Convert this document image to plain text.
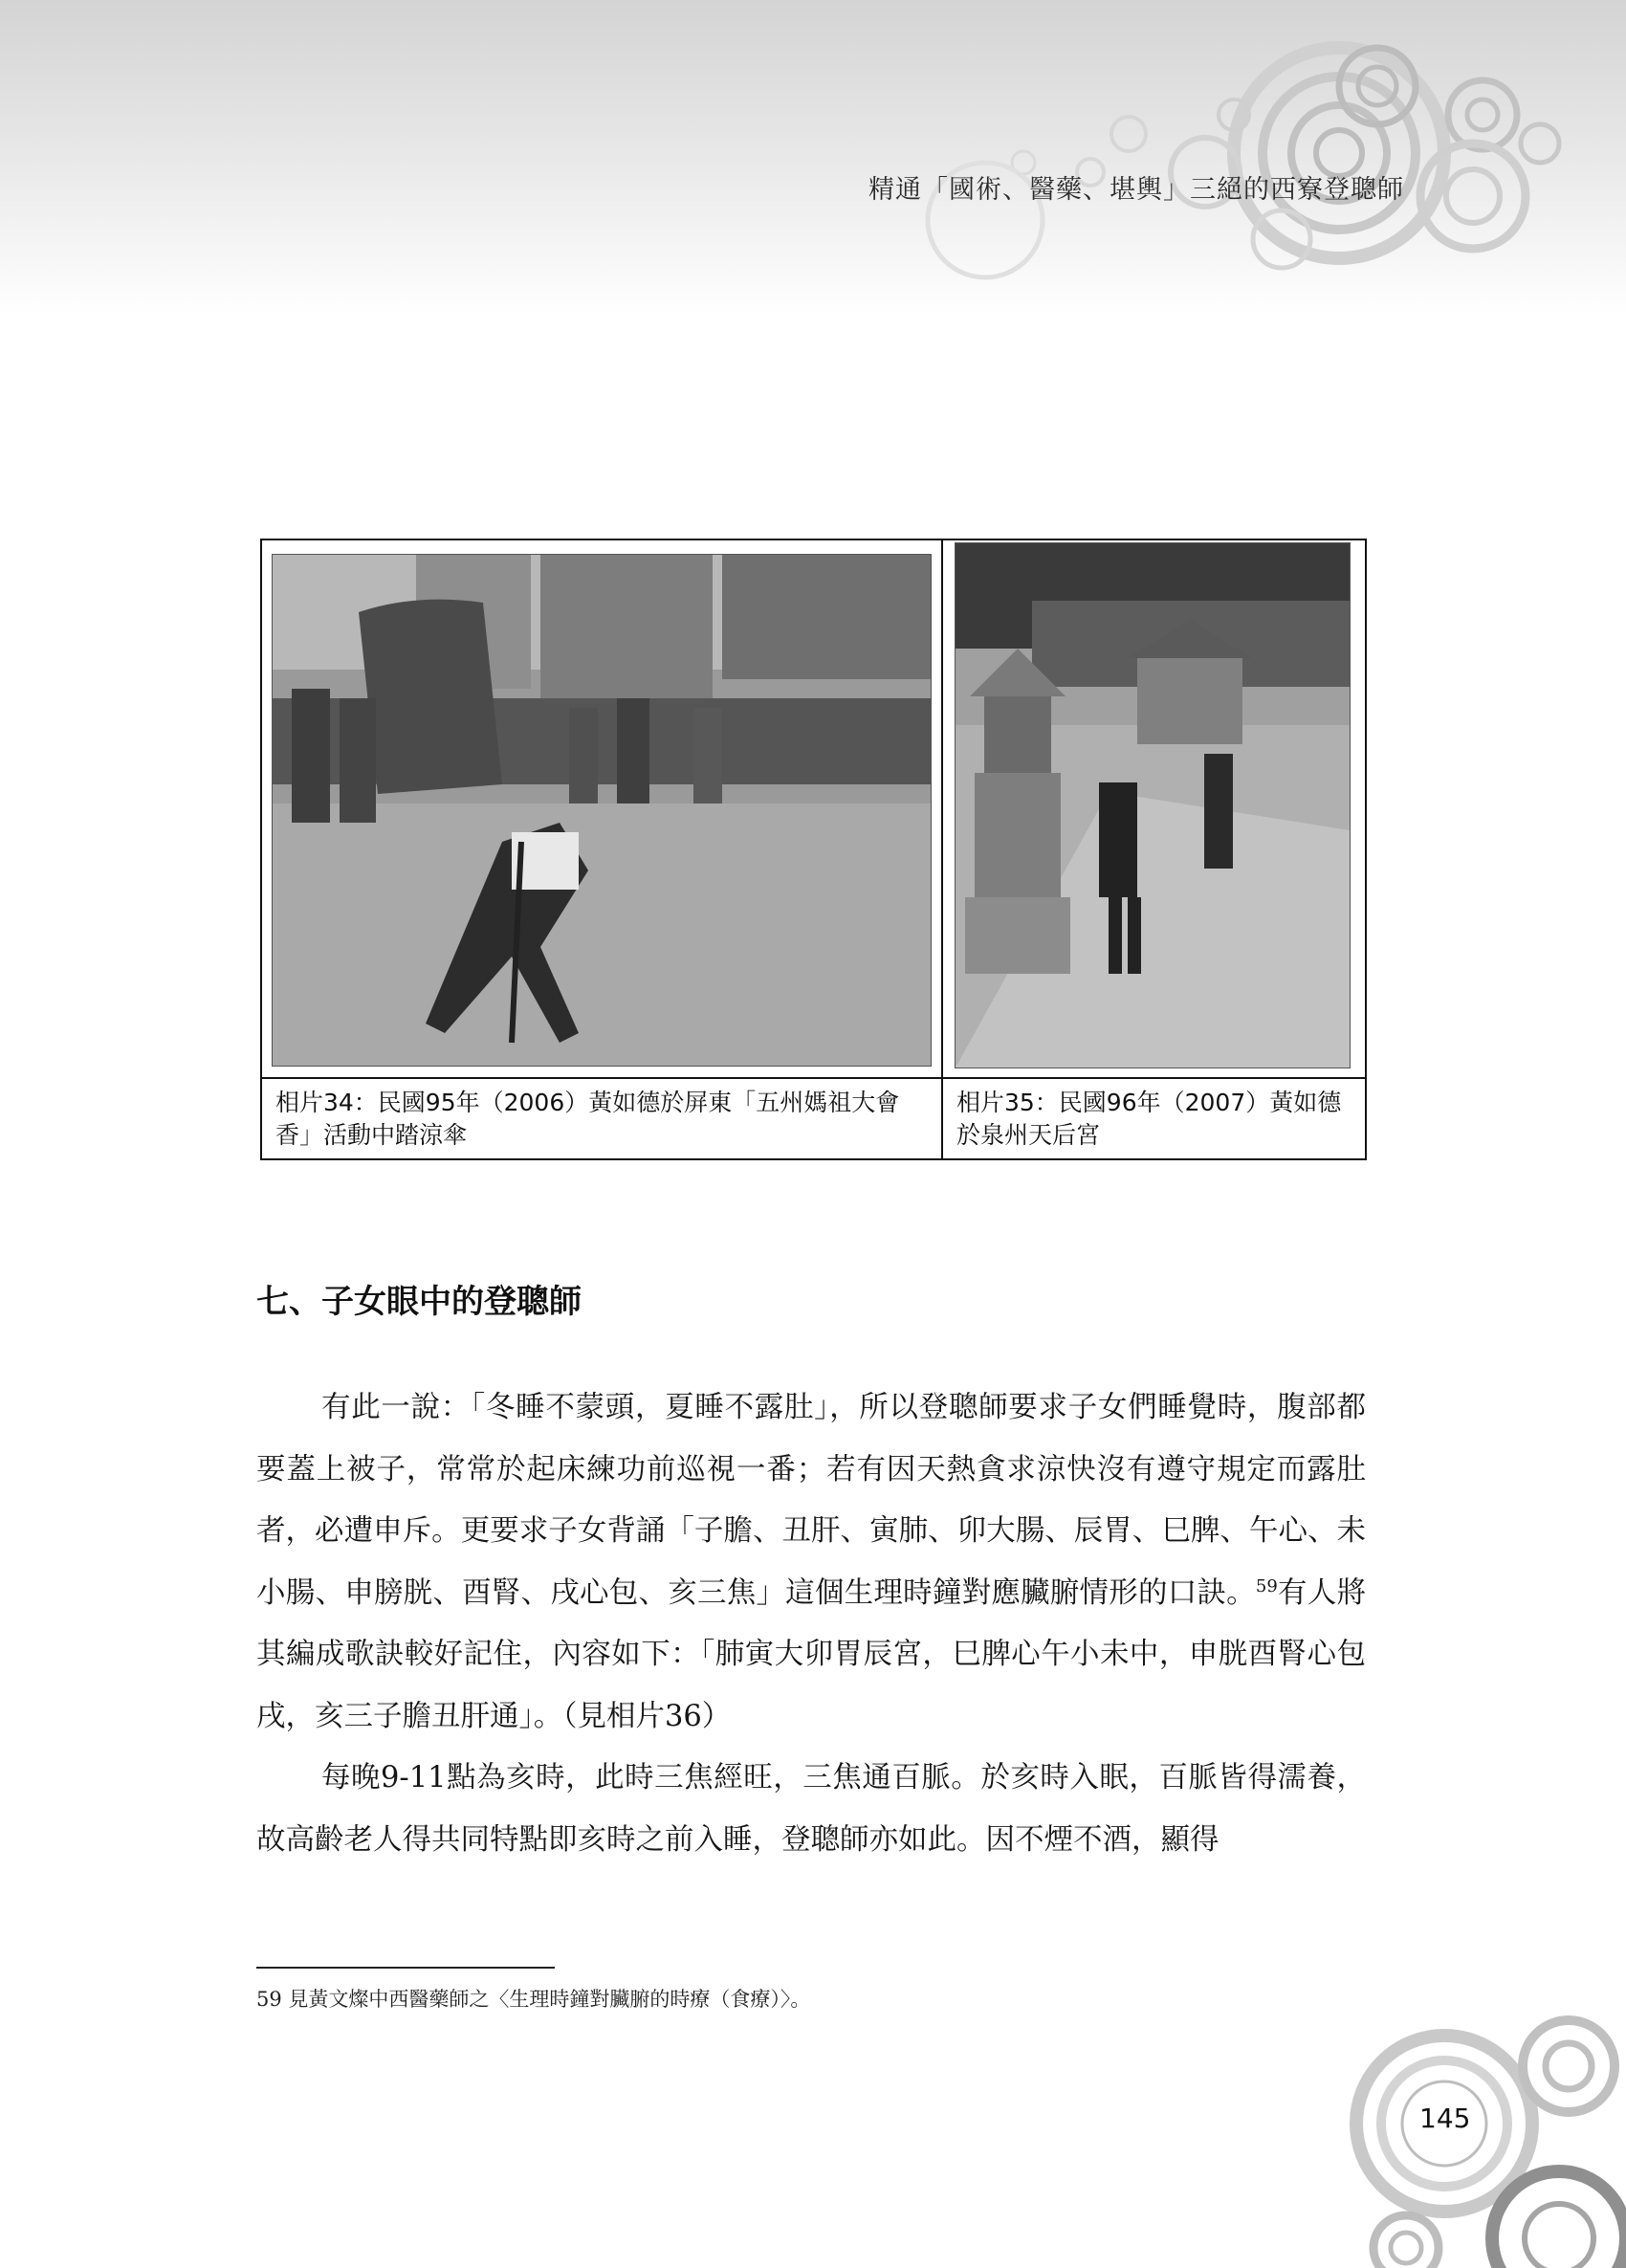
精通「國術、醫藥、堪輿」三絕的西寮登聰師
相片34：民國95年（2006）黃如德於屏東「五州媽祖大會香」活動中踏涼傘
相片35：民國96年（2007）黃如德於泉州天后宮
七、子女眼中的登聰師

有此一說：「冬睡不蒙頭，夏睡不露肚」，所以登聰師要求子女們睡覺時，腹部都要蓋上被子，常常於起床練功前巡視一番；若有因天熱貪求涼快沒有遵守規定而露肚者，必遭申斥。更要求子女背誦「子膽、丑肝、寅肺、卯大腸、辰胃、巳脾、午心、未小腸、申膀胱、酉腎、戌心包、亥三焦」這個生理時鐘對應臟腑情形的口訣。$^{59}$有人將其編成歌訣較好記住，內容如下：「肺寅大卯胃辰宮，巳脾心午小未中，申胱酉腎心包戌，亥三子膽丑肝通」。（見相片36）

每晚9-11點為亥時，此時三焦經旺，三焦通百脈。於亥時入眠，百脈皆得濡養，故高齡老人得共同特點即亥時之前入睡，登聰師亦如此。因不煙不酒，顯得

59 見黃文燦中西醫藥師之〈生理時鐘對臟腑的時療（食療）〉。
145
